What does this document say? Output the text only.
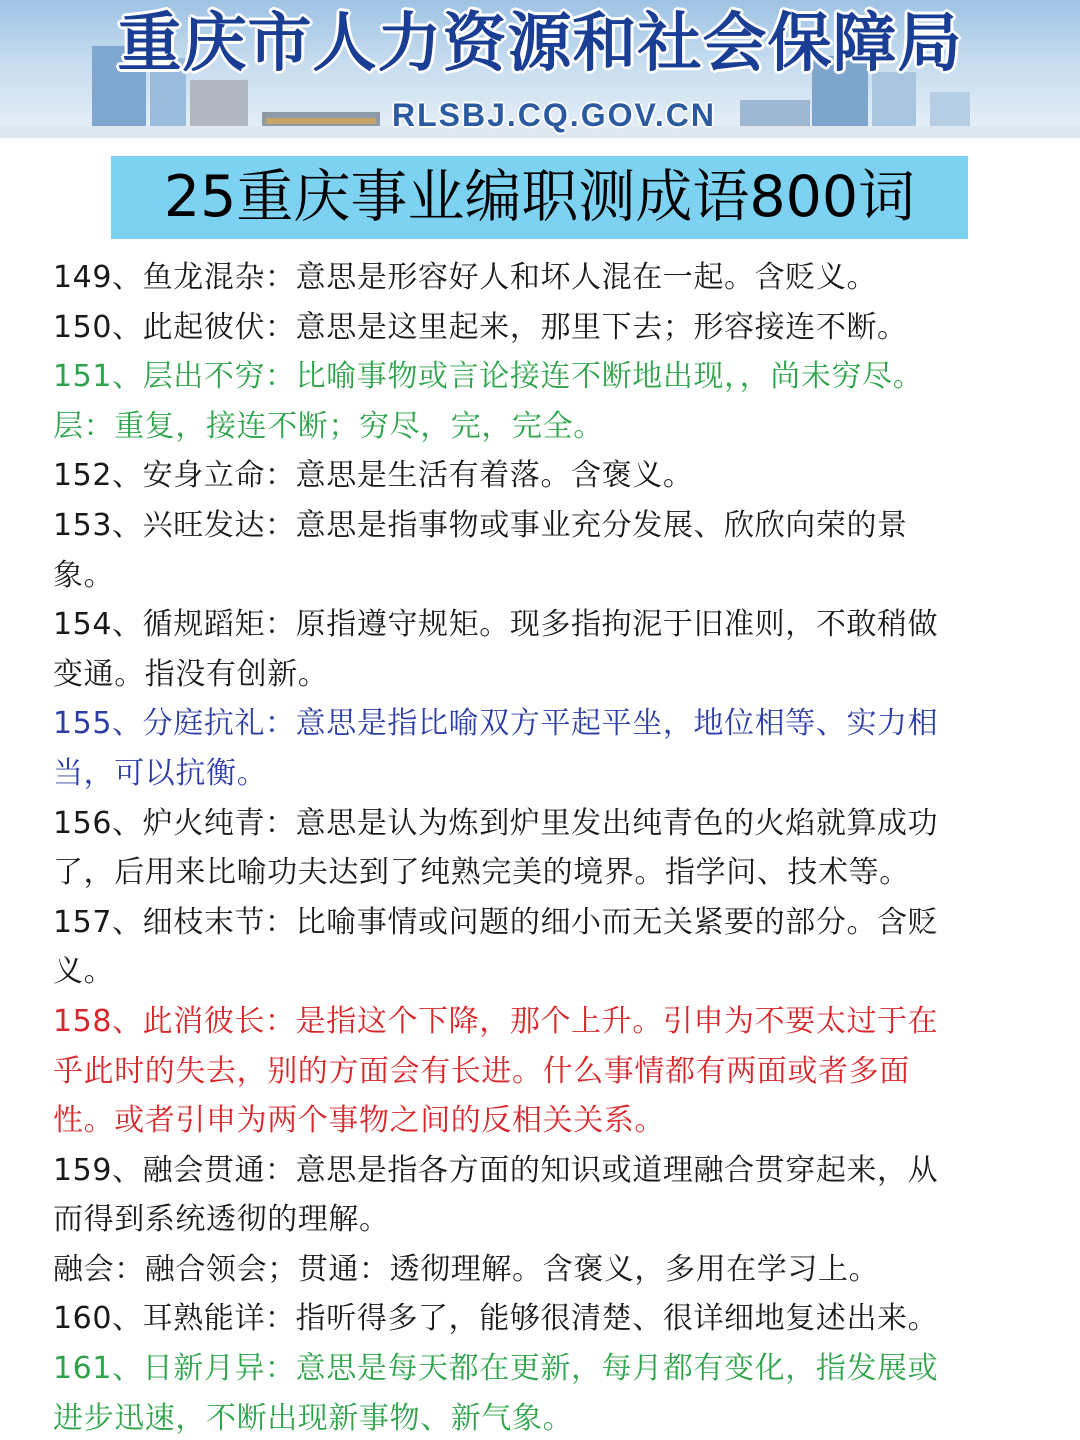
重庆市人力资源和社会保障局
RLSBJ.CQ.GOV.CN
25重庆事业编职测成语800词
149、鱼龙混杂：意思是形容好人和坏人混在一起。含贬义。
150、此起彼伏：意思是这里起来，那里下去；形容接连不断。
151、层出不穷：比喻事物或言论接连不断地出现，，尚未穷尽。
层：重复，接连不断；穷尽，完，完全。
152、安身立命：意思是生活有着落。含褒义。
153、兴旺发达：意思是指事物或事业充分发展、欣欣向荣的景
象。
154、循规蹈矩：原指遵守规矩。现多指拘泥于旧准则，不敢稍做
变通。指没有创新。
155、分庭抗礼：意思是指比喻双方平起平坐，地位相等、实力相
当，可以抗衡。
156、炉火纯青：意思是认为炼到炉里发出纯青色的火焰就算成功
了，后用来比喻功夫达到了纯熟完美的境界。指学问、技术等。
157、细枝末节：比喻事情或问题的细小而无关紧要的部分。含贬
义。
158、此消彼长：是指这个下降，那个上升。引申为不要太过于在
乎此时的失去，别的方面会有长进。什么事情都有两面或者多面
性。或者引申为两个事物之间的反相关关系。
159、融会贯通：意思是指各方面的知识或道理融合贯穿起来，从
而得到系统透彻的理解。
融会：融合领会；贯通：透彻理解。含褒义，多用在学习上。
160、耳熟能详：指听得多了，能够很清楚、很详细地复述出来。
161、日新月异：意思是每天都在更新，每月都有变化，指发展或
进步迅速，不断出现新事物、新气象。
